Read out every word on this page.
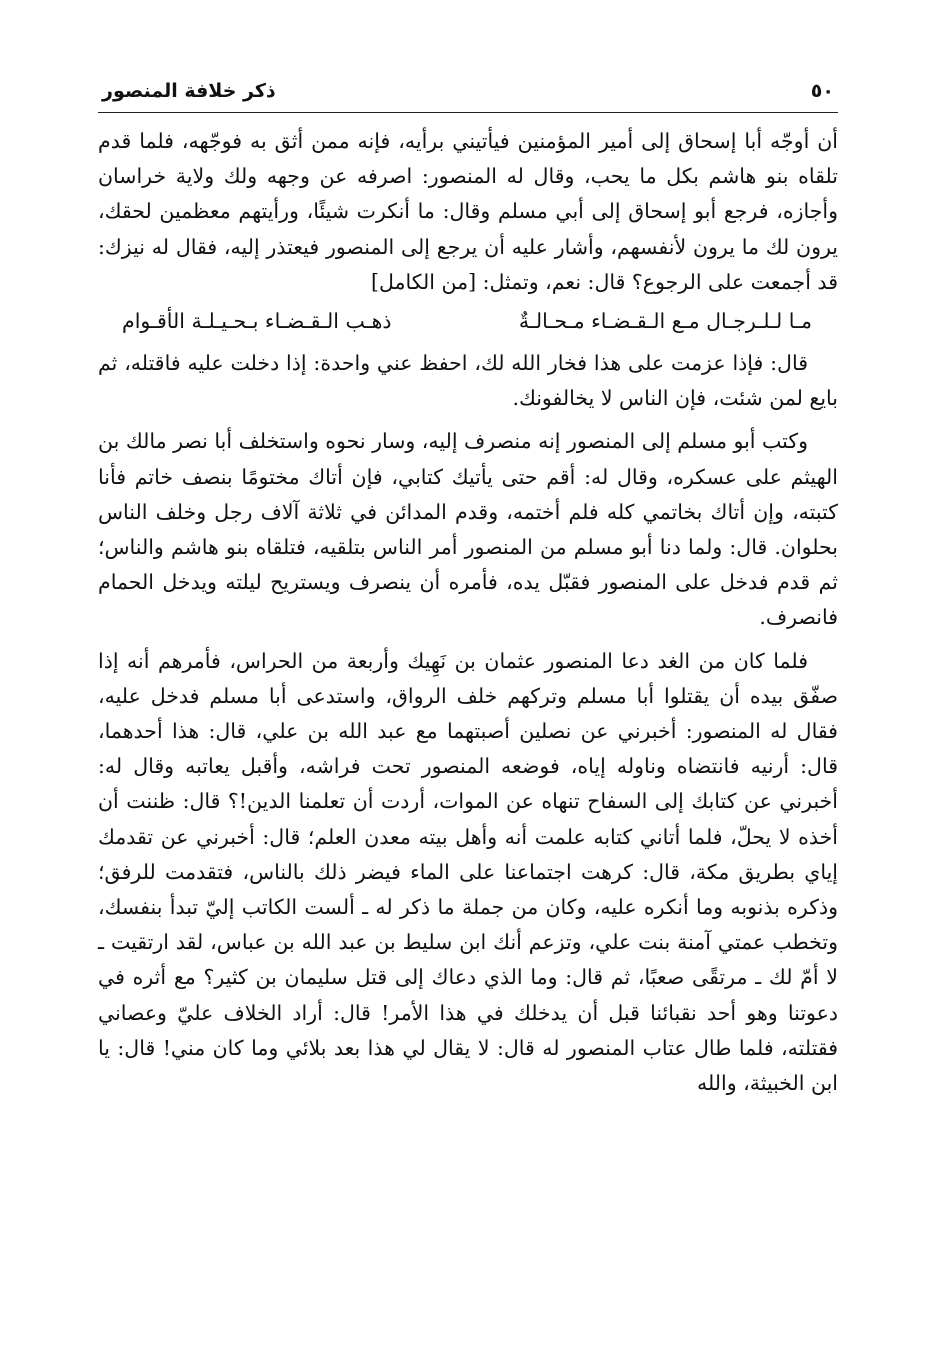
٥٠
ذكر خلافة المنصور

أن أوجّه أبا إسحاق إلى أمير المؤمنين فيأتيني برأيه، فإنه ممن أثق به فوجّهه، فلما قدم تلقاه بنو هاشم بكل ما يحب، وقال له المنصور: اصرفه عن وجهه ولك ولاية خراسان وأجازه، فرجع أبو إسحاق إلى أبي مسلم وقال: ما أنكرت شيئًا، ورأيتهم معظمين لحقك، يرون لك ما يرون لأنفسهم، وأشار عليه أن يرجع إلى المنصور فيعتذر إليه، فقال له نيزك: قد أجمعت على الرجوع؟ قال: نعم، وتمثل: [من الكامل]

مـا لـلـرجـال مـع الـقـضـاء مـحـالـةٌ
ذهـب الـقـضـاء بـحـيـلـة الأقـوام

قال: فإذا عزمت على هذا فخار الله لك، احفظ عني واحدة: إذا دخلت عليه فاقتله، ثم بايع لمن شئت، فإن الناس لا يخالفونك.

وكتب أبو مسلم إلى المنصور إنه منصرف إليه، وسار نحوه واستخلف أبا نصر مالك بن الهيثم على عسكره، وقال له: أقم حتى يأتيك كتابي، فإن أتاك مختومًا بنصف خاتم فأنا كتبته، وإن أتاك بخاتمي كله فلم أختمه، وقدم المدائن في ثلاثة آلاف رجل وخلف الناس بحلوان. قال: ولما دنا أبو مسلم من المنصور أمر الناس بتلقيه، فتلقاه بنو هاشم والناس؛ ثم قدم فدخل على المنصور فقبّل يده، فأمره أن ينصرف ويستريح ليلته ويدخل الحمام فانصرف.

فلما كان من الغد دعا المنصور عثمان بن نَهِيك وأربعة من الحراس، فأمرهم أنه إذا صفّق بيده أن يقتلوا أبا مسلم وتركهم خلف الرواق، واستدعى أبا مسلم فدخل عليه، فقال له المنصور: أخبرني عن نصلين أصبتهما مع عبد الله بن علي، قال: هذا أحدهما، قال: أرنيه فانتضاه وناوله إياه، فوضعه المنصور تحت فراشه، وأقبل يعاتبه وقال له: أخبرني عن كتابك إلى السفاح تنهاه عن الموات، أردت أن تعلمنا الدين!؟ قال: ظننت أن أخذه لا يحلّ، فلما أتاني كتابه علمت أنه وأهل بيته معدن العلم؛ قال: أخبرني عن تقدمك إياي بطريق مكة، قال: كرهت اجتماعنا على الماء فيضر ذلك بالناس، فتقدمت للرفق؛ وذكره بذنوبه وما أنكره عليه، وكان من جملة ما ذكر له ـ ألست الكاتب إليّ تبدأ بنفسك، وتخطب عمتي آمنة بنت علي، وتزعم أنك ابن سليط بن عبد الله بن عباس، لقد ارتقيت ـ لا أمّ لك ـ مرتقًى صعبًا، ثم قال: وما الذي دعاك إلى قتل سليمان بن كثير؟ مع أثره في دعوتنا وهو أحد نقبائنا قبل أن يدخلك في هذا الأمر! قال: أراد الخلاف عليّ وعصاني فقتلته، فلما طال عتاب المنصور له قال: لا يقال لي هذا بعد بلائي وما كان مني! قال: يا ابن الخبيثة، والله
